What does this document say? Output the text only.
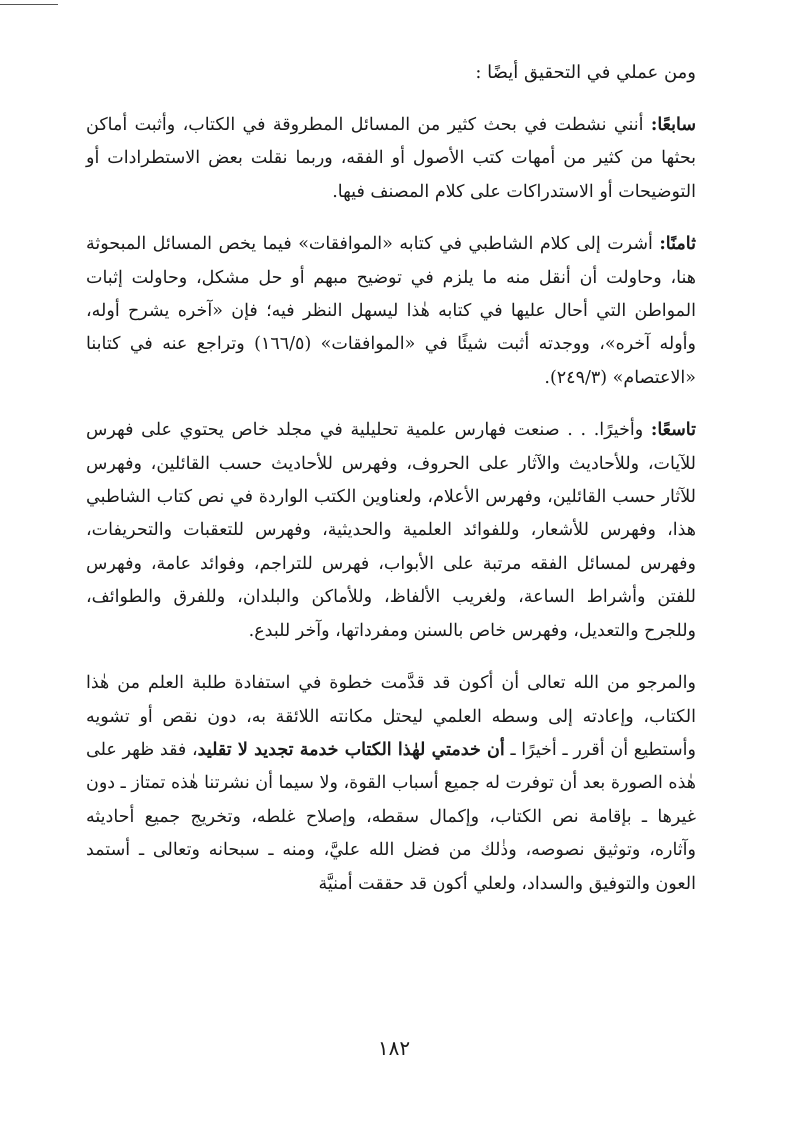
ومن عملي في التحقيق أيضًا :

سابعًا: أنني نشطت في بحث كثير من المسائل المطروقة في الكتاب، وأثبت أماكن بحثها من كثير من أمهات كتب الأصول أو الفقه، وربما نقلت بعض الاستطرادات أو التوضيحات أو الاستدراكات على كلام المصنف فيها.

ثامنًا: أشرت إلى كلام الشاطبي في كتابه «الموافقات» فيما يخص المسائل المبحوثة هنا، وحاولت أن أنقل منه ما يلزم في توضيح مبهم أو حل مشكل، وحاولت إثبات المواطن التي أحال عليها في كتابه هٰذا ليسهل النظر فيه؛ فإن «آخره يشرح أوله، وأوله آخره»، ووجدته أثبت شيئًا في «الموافقات» (١٦٦/٥) وتراجع عنه في كتابنا «الاعتصام» (٢٤٩/٣).

تاسعًا: وأخيرًا. . . صنعت فهارس علمية تحليلية في مجلد خاص يحتوي على فهرس للآيات، وللأحاديث والآثار على الحروف، وفهرس للأحاديث حسب القائلين، وفهرس للآثار حسب القائلين، وفهرس الأعلام، ولعناوين الكتب الواردة في نص كتاب الشاطبي هذا، وفهرس للأشعار، وللفوائد العلمية والحديثية، وفهرس للتعقبات والتحريفات، وفهرس لمسائل الفقه مرتبة على الأبواب، فهرس للتراجم، وفوائد عامة، وفهرس للفتن وأشراط الساعة، ولغريب الألفاظ، وللأماكن والبلدان، وللفرق والطوائف، وللجرح والتعديل، وفهرس خاص بالسنن ومفرداتها، وآخر للبدع.

والمرجو من الله تعالى أن أكون قد قدَّمت خطوة في استفادة طلبة العلم من هٰذا الكتاب، وإعادته إلى وسطه العلمي ليحتل مكانته اللائقة به، دون نقص أو تشويه وأستطيع أن أقرر ـ أخيرًا ـ أن خدمتي لهٰذا الكتاب خدمة تجديد لا تقليد، فقد ظهر على هٰذه الصورة بعد أن توفرت له جميع أسباب القوة، ولا سيما أن نشرتنا هٰذه تمتاز ـ دون غيرها ـ بإقامة نص الكتاب، وإكمال سقطه، وإصلاح غلطه، وتخريج جميع أحاديثه وآثاره، وتوثيق نصوصه، وذٰلك من فضل الله عليَّ، ومنه ـ سبحانه وتعالى ـ أستمد العون والتوفيق والسداد، ولعلي أكون قد حققت أمنيَّة

١٨٢
